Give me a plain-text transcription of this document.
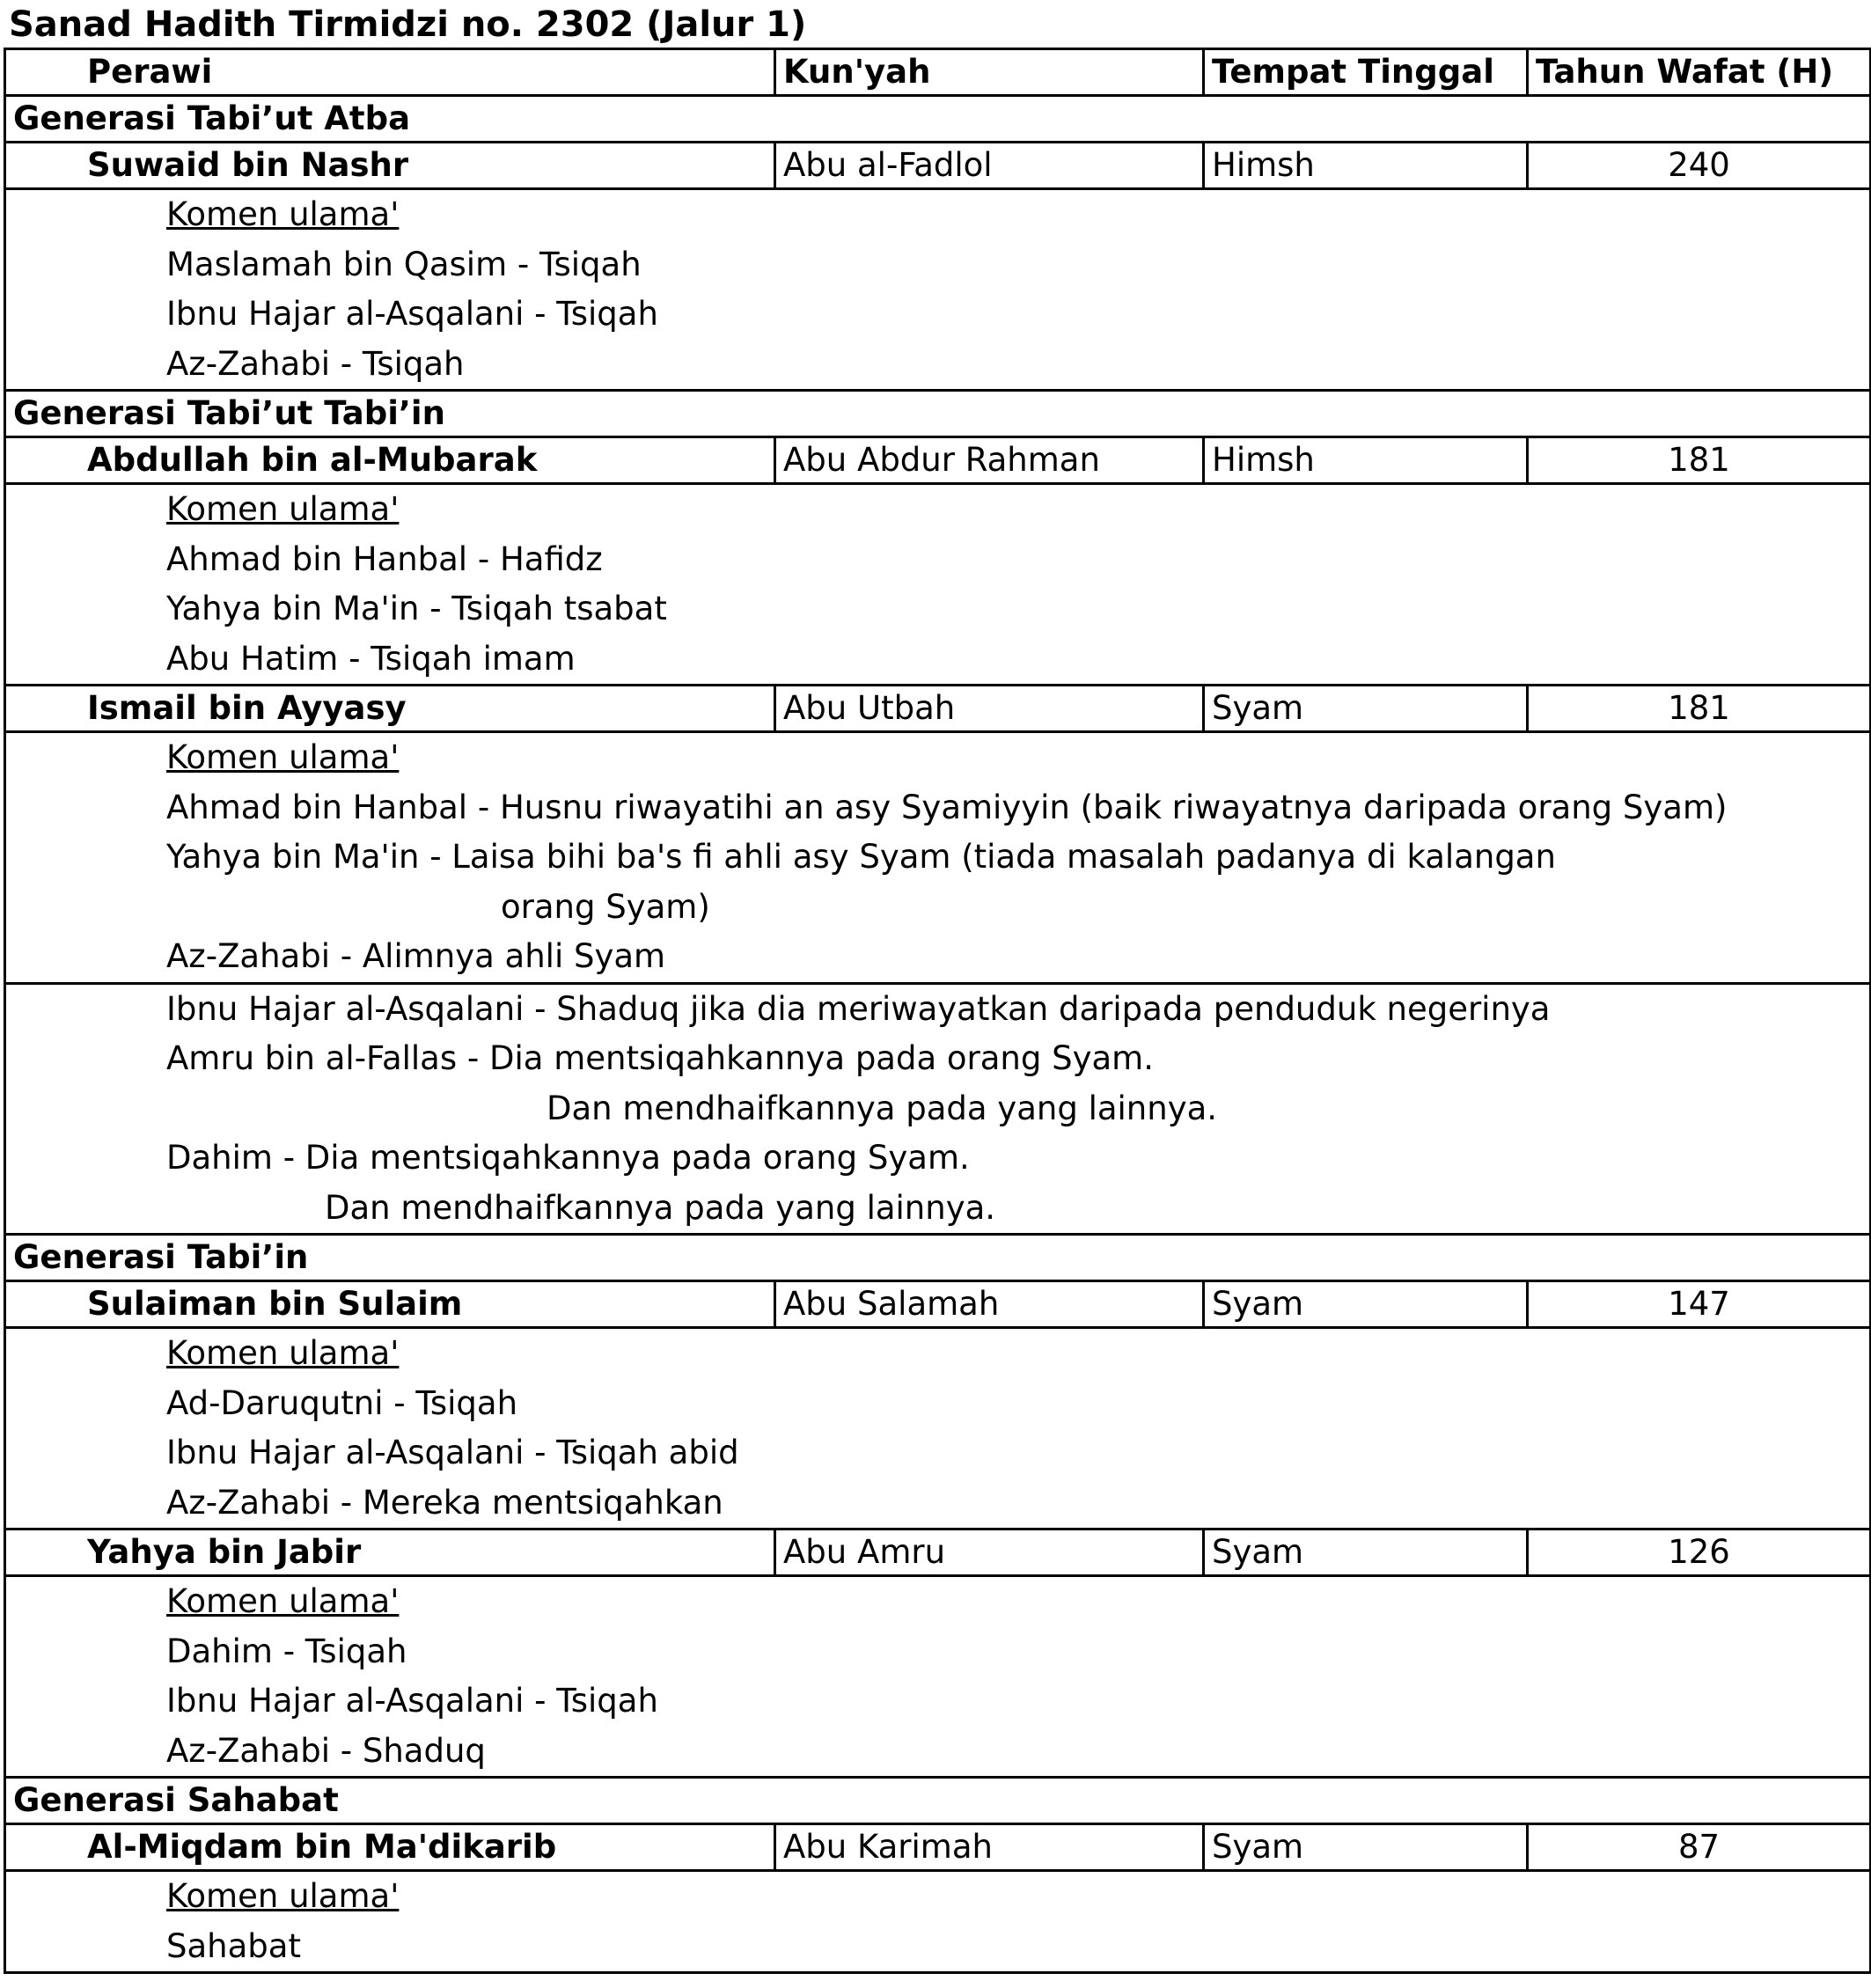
Sanad Hadith Tirmidzi no. 2302 (Jalur 1)
Perawi	Kun'yah	Tempat Tinggal	Tahun Wafat (H)
Generasi Tabi’ut Atba			
Suwaid bin Nashr	Abu al-Fadlol	Himsh	240

Komen ulama'
Maslamah bin Qasim - Tsiqah
Ibnu Hajar al-Asqalani - Tsiqah
Az-Zahabi - Tsiqah			

Generasi Tabi’ut Tabi’in			
Abdullah bin al-Mubarak	Abu Abdur Rahman	Himsh	181

Komen ulama'
Ahmad bin Hanbal - Hafidz
Yahya bin Ma'in - Tsiqah tsabat
Abu Hatim - Tsiqah imam			

Ismail bin Ayyasy	Abu Utbah	Syam	181

Komen ulama'
Ahmad bin Hanbal - Husnu riwayatihi an asy Syamiyyin (baik riwayatnya daripada orang Syam)
Yahya bin Ma'in - Laisa bihi ba's fi ahli asy Syam (tiada masalah padanya di kalangan
orang Syam)
Az-Zahabi - Alimnya ahli Syam			

Ibnu Hajar al-Asqalani - Shaduq jika dia meriwayatkan daripada penduduk negerinya
Amru bin al-Fallas - Dia mentsiqahkannya pada orang Syam.
Dan mendhaifkannya pada yang lainnya.
Dahim - Dia mentsiqahkannya pada orang Syam.
Dan mendhaifkannya pada yang lainnya.			

Generasi Tabi’in			
Sulaiman bin Sulaim	Abu Salamah	Syam	147

Komen ulama'
Ad-Daruqutni - Tsiqah
Ibnu Hajar al-Asqalani - Tsiqah abid
Az-Zahabi - Mereka mentsiqahkan			

Yahya bin Jabir	Abu Amru	Syam	126

Komen ulama'
Dahim - Tsiqah
Ibnu Hajar al-Asqalani - Tsiqah
Az-Zahabi - Shaduq			

Generasi Sahabat			
Al-Miqdam bin Ma'dikarib	Abu Karimah	Syam	87

Komen ulama'
Sahabat			
